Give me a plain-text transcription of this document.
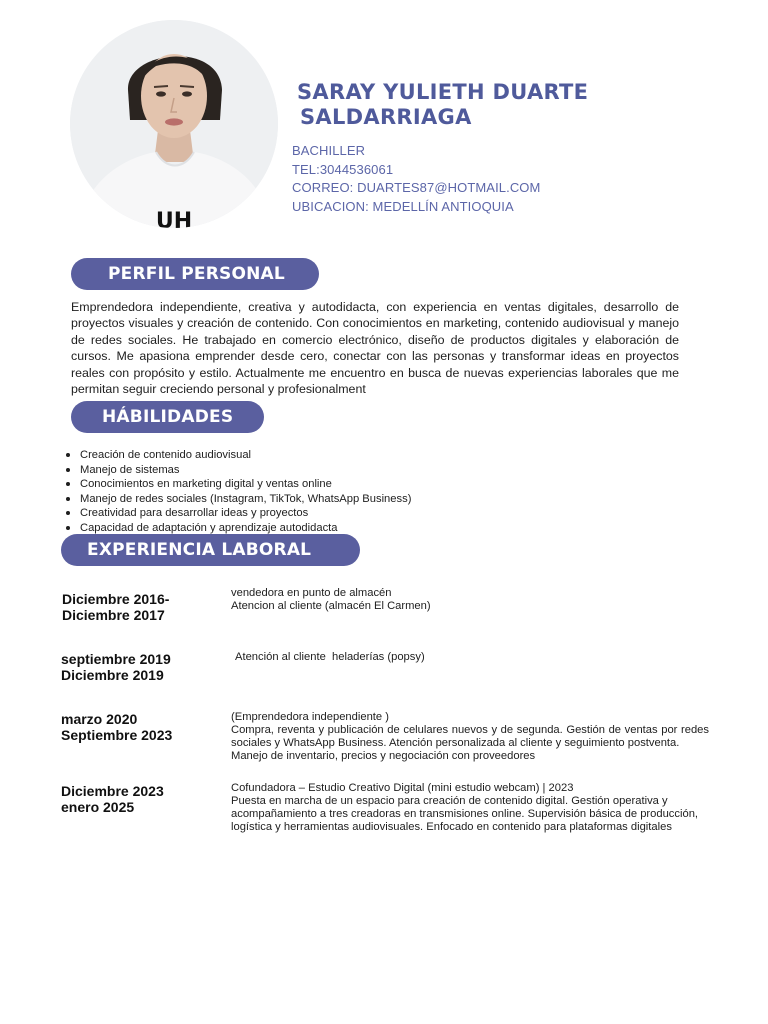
UH
SARAY YULIETH DUARTE
SALDARRIAGA
BACHILLER
TEL:3044536061
CORREO: DUARTES87@HOTMAIL.COM
UBICACION: MEDELLÍN ANTIOQUIA
PERFIL PERSONAL

Emprendedora independiente, creativa y autodidacta, con experiencia en ventas digitales, desarrollo de proyectos visuales y creación de contenido. Con conocimientos en marketing, contenido audiovisual y manejo de redes sociales. He trabajado en comercio electrónico, diseño de productos digitales y elaboración de cursos. Me apasiona emprender desde cero, conectar con las personas y transformar ideas en proyectos reales con propósito y estilo. Actualmente me encuentro en busca de nuevas experiencias laborales que me permitan seguir creciendo personal y profesionalment

HÁBILIDADES
Creación de contenido audiovisual
Manejo de sistemas
Conocimientos en marketing digital y ventas online
Manejo de redes sociales (Instagram, TikTok, WhatsApp Business)
Creatividad para desarrollar ideas y proyectos
Capacidad de adaptación y aprendizaje autodidacta
EXPERIENCIA LABORAL
Diciembre 2016-
Diciembre 2017
vendedora en punto de almacén
Atencion al cliente (almacén El Carmen)
septiembre 2019
Diciembre 2019
Atención al cliente  heladerías (popsy)
marzo 2020
Septiembre 2023
(Emprendedora independiente )
Compra, reventa y publicación de celulares nuevos y de segunda. Gestión de ventas por redes sociales y WhatsApp Business. Atención personalizada al cliente y seguimiento postventa.
Manejo de inventario, precios y negociación con proveedores
Diciembre 2023
enero 2025
Cofundadora – Estudio Creativo Digital (mini estudio webcam) | 2023
Puesta en marcha de un espacio para creación de contenido digital. Gestión operativa y acompañamiento a tres creadoras en transmisiones online. Supervisión básica de producción, logística y herramientas audiovisuales. Enfocado en contenido para plataformas digitales
